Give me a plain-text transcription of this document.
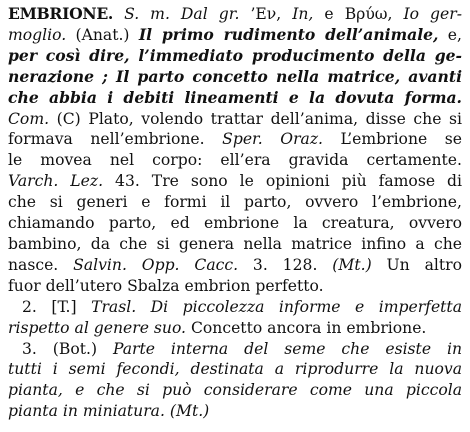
EMBRIONE. S. m. Dal gr. ’Εν, In, e Βρύω, Io ger-
moglio. (Anat.) Il primo rudimento dell’animale, e,
per così dire, l’immediato producimento della ge-
nerazione ; Il parto concetto nella matrice, avanti
che abbia i debiti lineamenti e la dovuta forma.
Com. (C) Plato, volendo trattar dell’anima, disse che si
formava nell’embrione. Sper. Oraz. L’embrione se
le movea nel corpo: ell’era gravida certamente.
Varch. Lez. 43. Tre sono le opinioni più famose di
che si generi e formi il parto, ovvero l’embrione,
chiamando parto, ed embrione la creatura, ovvero
bambino, da che si genera nella matrice infino a che
nasce. Salvin. Opp. Cacc. 3. 128. (Mt.) Un altro
fuor dell’utero Sbalza embrion perfetto.
2. [T.] Trasl. Di piccolezza informe e imperfetta
rispetto al genere suo. Concetto ancora in embrione.
3. (Bot.) Parte interna del seme che esiste in
tutti i semi fecondi, destinata a riprodurre la nuova
pianta, e che si può considerare come una piccola
pianta in miniatura. (Mt.)
